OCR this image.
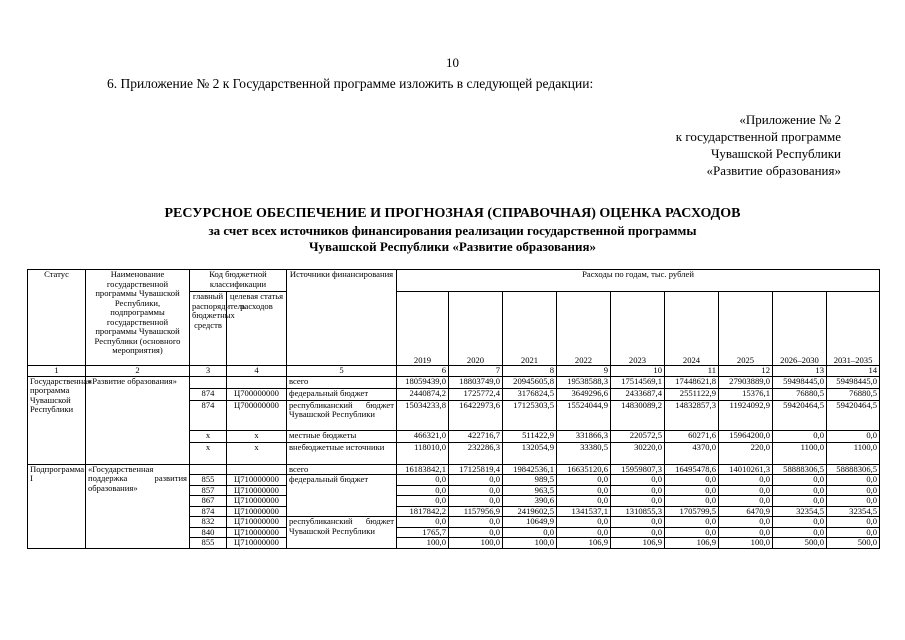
10
6. Приложение № 2 к Государственной программе изложить в следующей редакции:
«Приложение № 2
к государственной программе
Чувашской Республики
«Развитие образования»
РЕСУРСНОЕ ОБЕСПЕЧЕНИЕ И ПРОГНОЗНАЯ (СПРАВОЧНАЯ) ОЦЕНКА РАСХОДОВ
за счет всех источников финансирования реализации государственной программы
Чувашской Республики «Развитие образования»
Статус	Наименование государственной программы Чувашской Республики, подпрограммы государственной программы Чувашской Республики (основного мероприятия)	Код бюджетной классификации		Источники финансирования	Расходы по годам, тыс. рублей								
		главный распорядитель бюджетных средств	целевая статья расходов		2019	2020	2021	2022	2023	2024	2025	2026–2030	2031–2035
1	2	3	4	5	6	7	8	9	10	11	12	13	14
Государственная программа Чувашской Республики	«Развитие образования»			всего	18059439,0	18803749,0	20945605,8	19538588,3	17514569,1	17448621,8	27903889,0	59498445,0	59498445,0
		874	Ц700000000	федеральный бюджет	2440874,2	1725772,4	3176824,5	3649296,6	2433687,4	2551122,9	15376,1	76880,5	76880,5
		874	Ц700000000	республиканский бюджет Чувашской Республики	15034233,8	16422973,6	17125303,5	15524044,9	14830089,2	14832857,3	11924092,9	59420464,5	59420464,5
		x	x	местные бюджеты	466321,0	422716,7	511422,9	331866,3	220572,5	60271,6	15964200,0	0,0	0,0
		x	x	внебюджетные источники	118010,0	232286,3	132054,9	33380,5	30220,0	4370,0	220,0	1100,0	1100,0
Подпрограмма I	«Государственная поддержка развития образования»			всего	16183842,1	17125819,4	19842536,1	16635120,6	15959807,3	16495478,6	14010261,3	58888306,5	58888306,5
		855	Ц710000000	федеральный бюджет	0,0	0,0	989,5	0,0	0,0	0,0	0,0	0,0	0,0
		857	Ц710000000		0,0	0,0	963,5	0,0	0,0	0,0	0,0	0,0	0,0
		867	Ц710000000		0,0	0,0	390,6	0,0	0,0	0,0	0,0	0,0	0,0
		874	Ц710000000		1817842,2	1157956,9	2419602,5	1341537,1	1310855,3	1705799,5	6470,9	32354,5	32354,5
		832	Ц710000000	республиканский бюджет Чувашской Республики	0,0	0,0	10649,9	0,0	0,0	0,0	0,0	0,0	0,0
		840	Ц710000000		1765,7	0,0	0,0	0,0	0,0	0,0	0,0	0,0	0,0
		855	Ц710000000		100,0	100,0	100,0	106,9	106,9	106,9	100,0	500,0	500,0
